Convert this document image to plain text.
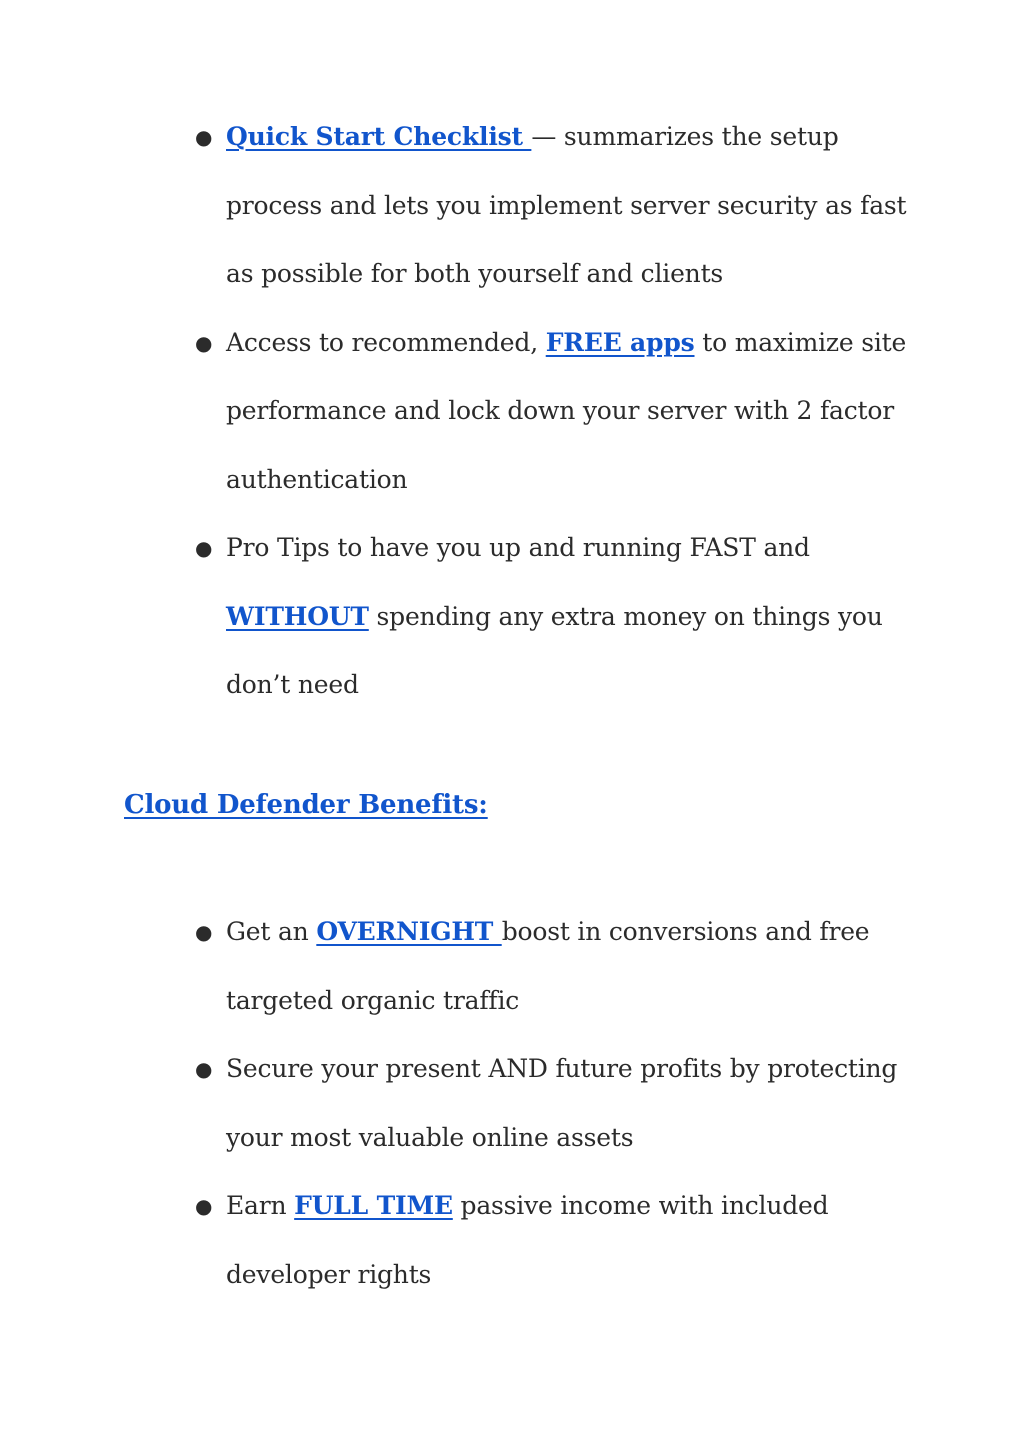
● Quick Start Checklist — summarizes the setup process and lets you implement server security as fast as possible for both yourself and clients
● Access to recommended, FREE apps to maximize site performance and lock down your server with 2 factor authentication
● Pro Tips to have you up and running FAST and WITHOUT spending any extra money on things you don’t need
Cloud Defender Benefits:
● Get an OVERNIGHT boost in conversions and free targeted organic traffic
● Secure your present AND future profits by protecting your most valuable online assets
● Earn FULL TIME passive income with included developer rights
